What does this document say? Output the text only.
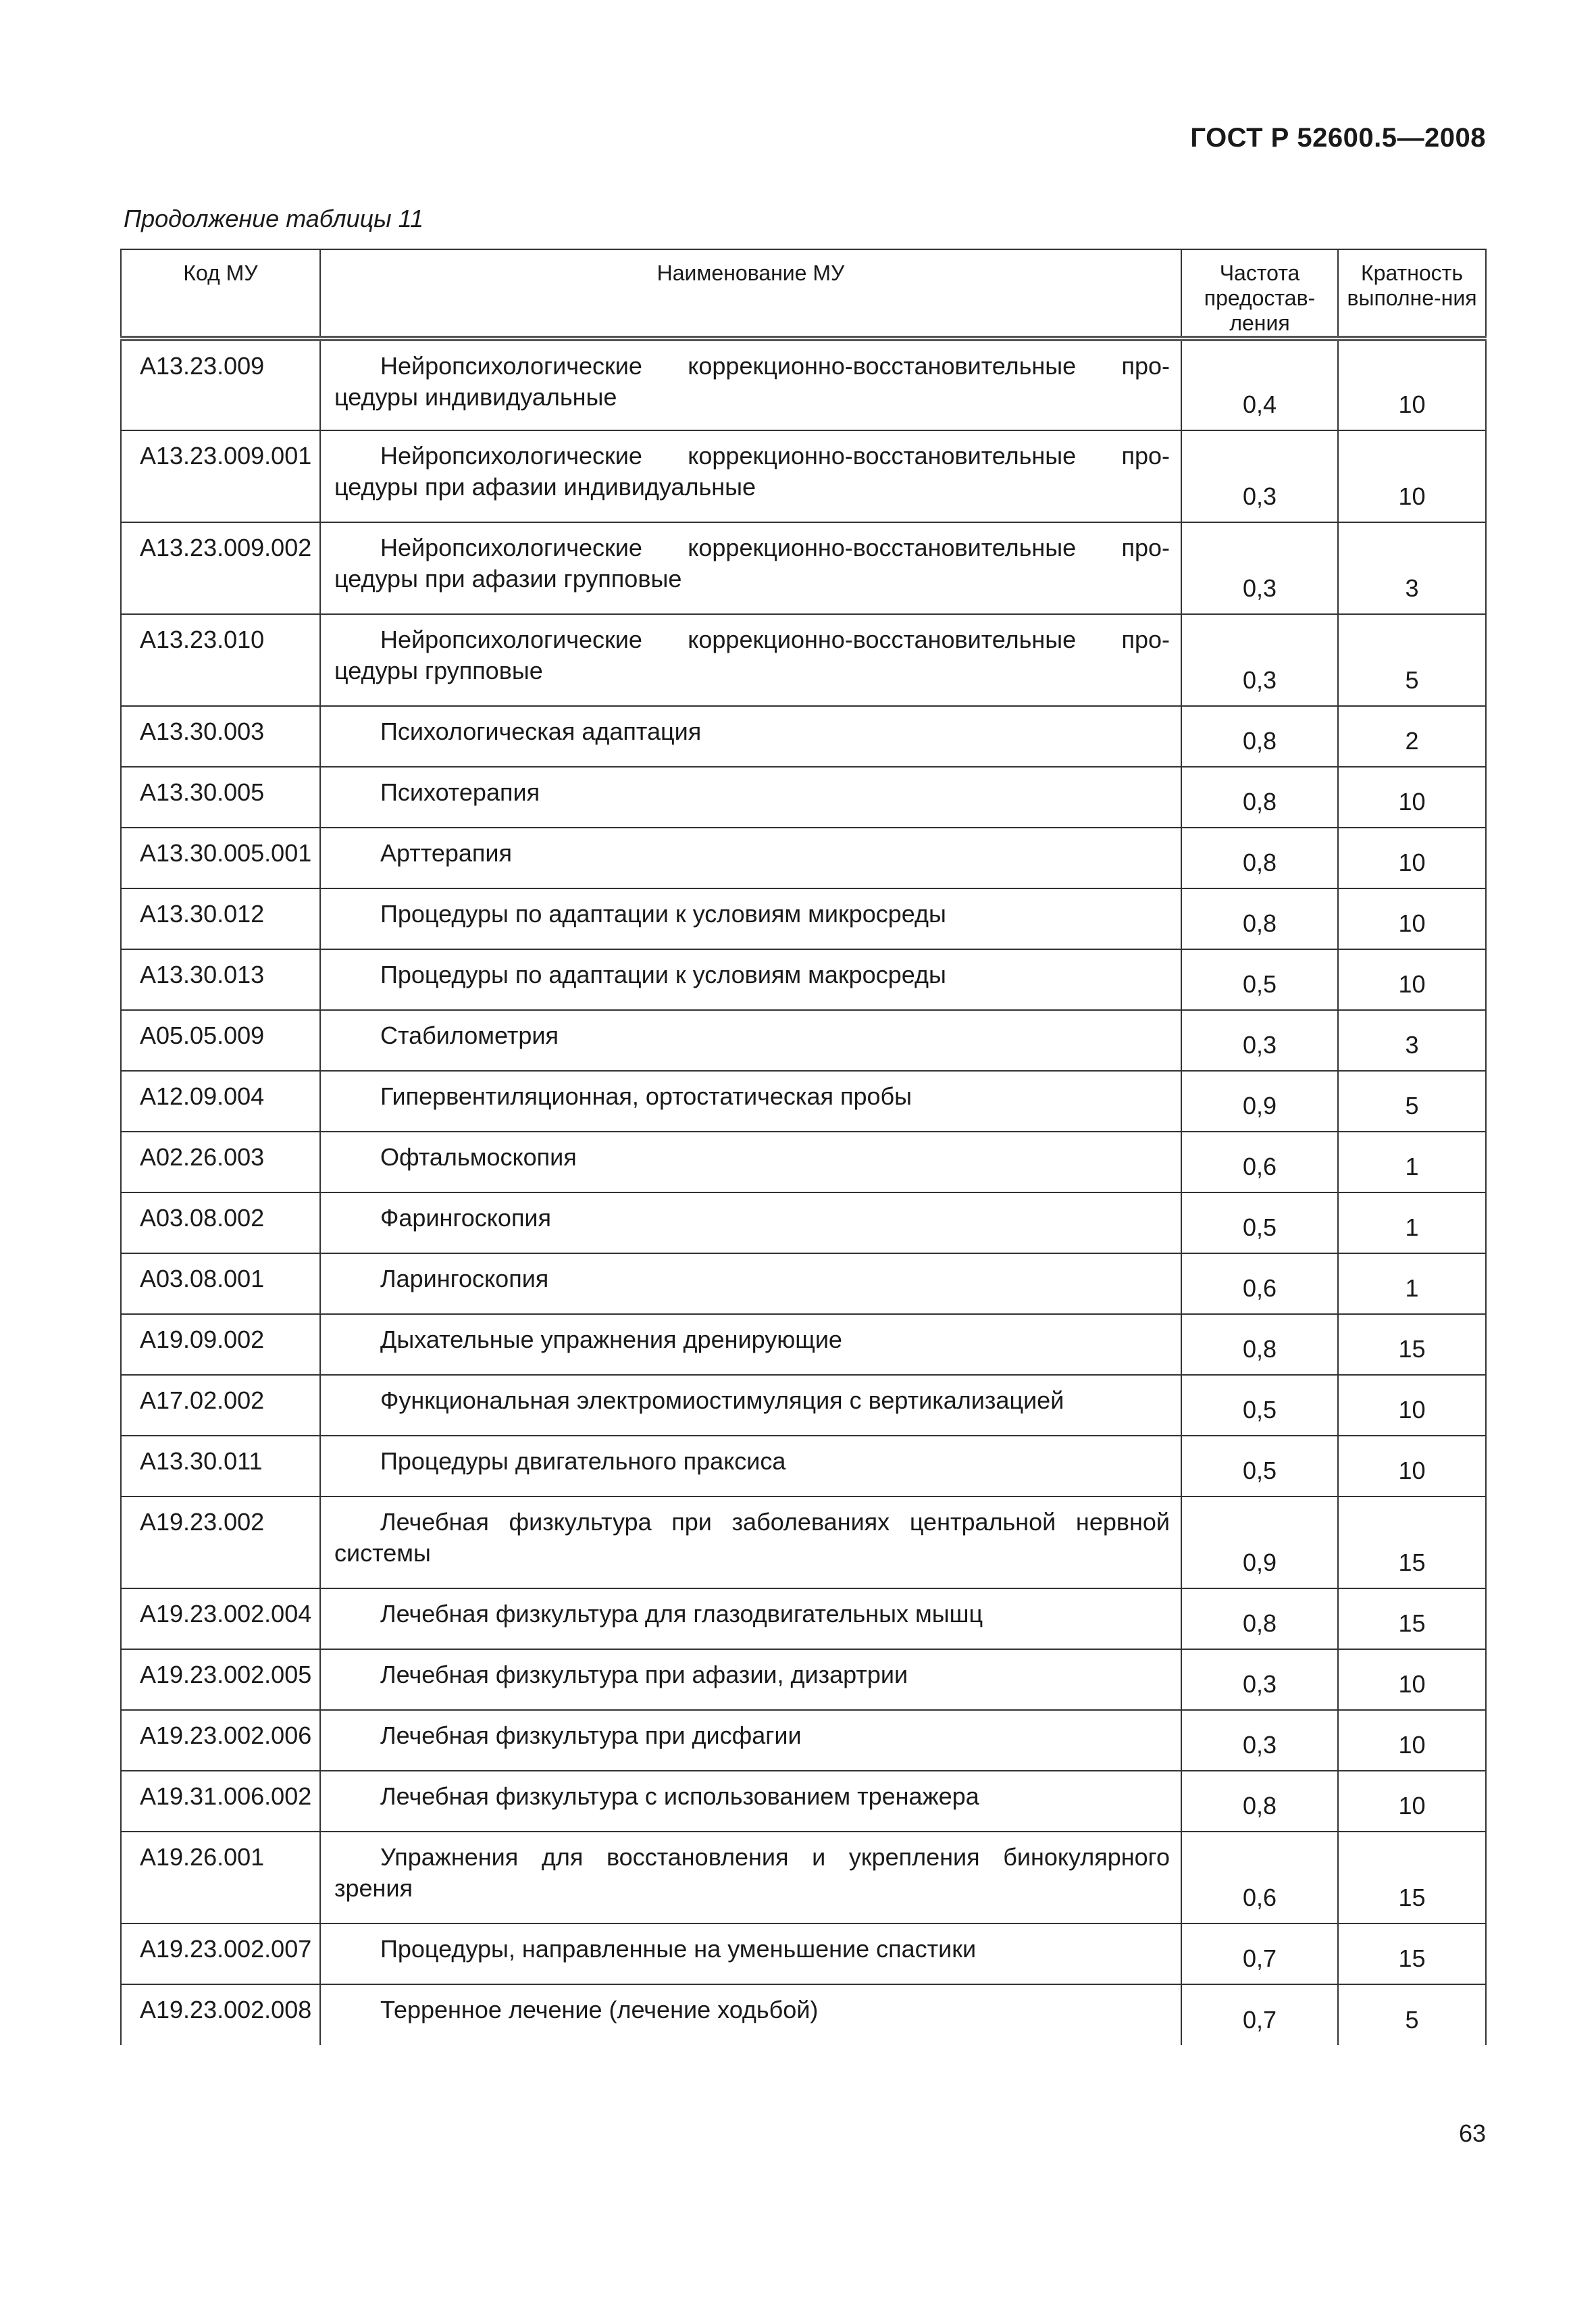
ГОСТ Р 52600.5—2008
Продолжение таблицы 11
Код МУ	Наименование МУ	Частота предостав-ления	Кратность выполне-ния
А13.23.009	Нейропсихологические коррекционно-восстановительные про-цедуры индивидуальные	0,4	10
А13.23.009.001	Нейропсихологические коррекционно-восстановительные про-цедуры при афазии индивидуальные	0,3	10
А13.23.009.002	Нейропсихологические коррекционно-восстановительные про-цедуры при афазии групповые	0,3	3
А13.23.010	Нейропсихологические коррекционно-восстановительные про-цедуры групповые	0,3	5
А13.30.003	Психологическая адаптация	0,8	2
А13.30.005	Психотерапия	0,8	10
А13.30.005.001	Арттерапия	0,8	10
А13.30.012	Процедуры по адаптации к условиям микросреды	0,8	10
А13.30.013	Процедуры по адаптации к условиям макросреды	0,5	10
А05.05.009	Стабилометрия	0,3	3
А12.09.004	Гипервентиляционная, ортостатическая пробы	0,9	5
А02.26.003	Офтальмоскопия	0,6	1
А03.08.002	Фарингоскопия	0,5	1
А03.08.001	Ларингоскопия	0,6	1
А19.09.002	Дыхательные упражнения дренирующие	0,8	15
А17.02.002	Функциональная электромиостимуляция с вертикализацией	0,5	10
А13.30.011	Процедуры двигательного праксиса	0,5	10
А19.23.002	Лечебная физкультура при заболеваниях центральной нервной системы	0,9	15
А19.23.002.004	Лечебная физкультура для глазодвигательных мышц	0,8	15
А19.23.002.005	Лечебная физкультура при афазии, дизартрии	0,3	10
А19.23.002.006	Лечебная физкультура при дисфагии	0,3	10
А19.31.006.002	Лечебная физкультура с использованием тренажера	0,8	10
А19.26.001	Упражнения для восстановления и укрепления бинокулярного зрения	0,6	15
А19.23.002.007	Процедуры, направленные на уменьшение спастики	0,7	15
А19.23.002.008	Терренное лечение (лечение ходьбой)	0,7	5
63
